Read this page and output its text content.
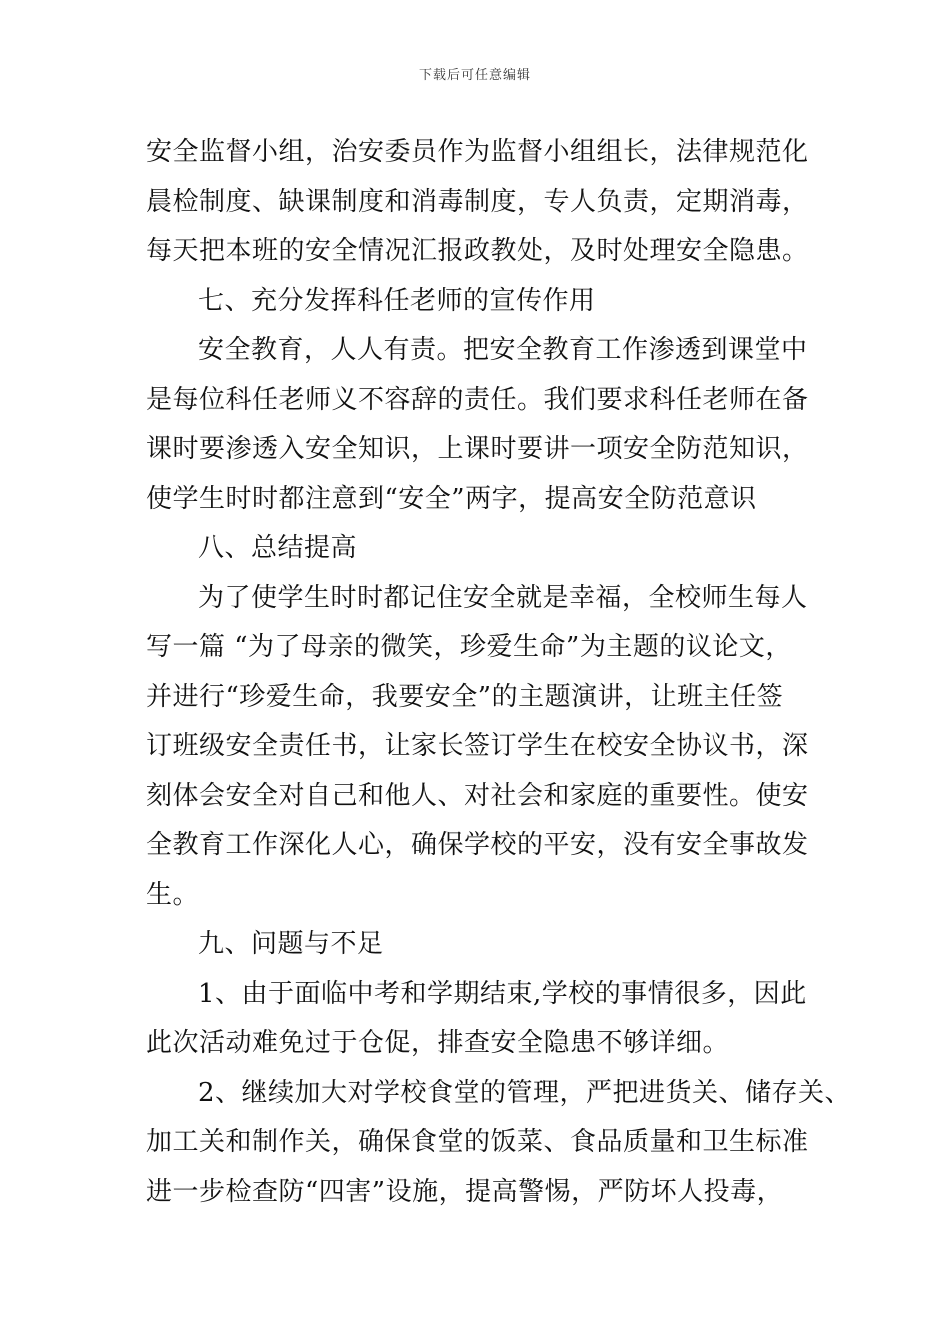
下载后可任意编辑
安全监督小组，治安委员作为监督小组组长，法律规范化
晨检制度、缺课制度和消毒制度，专人负责，定期消毒，
每天把本班的安全情况汇报政教处，及时处理安全隐患。
七、充分发挥科任老师的宣传作用
安全教育，人人有责。把安全教育工作渗透到课堂中
是每位科任老师义不容辞的责任。我们要求科任老师在备
课时要渗透入安全知识，上课时要讲一项安全防范知识，
使学生时时都注意到“安全”两字，提高安全防范意识
八、总结提高
为了使学生时时都记住安全就是幸福，全校师生每人
写一篇 “为了母亲的微笑，珍爱生命”为主题的议论文，
并进行“珍爱生命，我要安全”的主题演讲，让班主任签
订班级安全责任书，让家长签订学生在校安全协议书，深
刻体会安全对自己和他人、对社会和家庭的重要性。使安
全教育工作深化人心，确保学校的平安，没有安全事故发
生。
九、问题与不足
1、由于面临中考和学期结束,学校的事情很多，因此
此次活动难免过于仓促，排查安全隐患不够详细。
2、继续加大对学校食堂的管理，严把进货关、储存关、
加工关和制作关，确保食堂的饭菜、食品质量和卫生标准
进一步检查防“四害”设施，提高警惕，严防坏人投毒，
